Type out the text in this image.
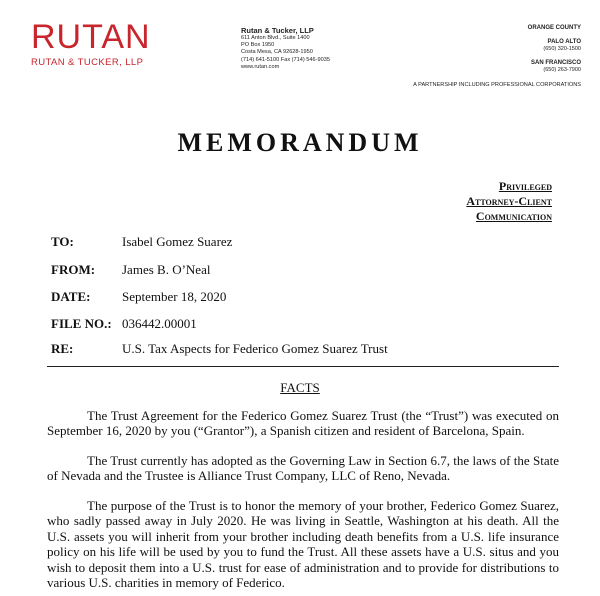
RUTAN
RUTAN & TUCKER, LLP
Rutan & Tucker, LLP
611 Anton Blvd., Suite 1400
PO Box 1950
Costa Mesa, CA 92628-1950
(714) 641-5100 Fax (714) 546-9035
www.rutan.com
ORANGE COUNTY
PALO ALTO
(650) 320-1500
SAN FRANCISCO
(650) 263-7900
A PARTNERSHIP INCLUDING PROFESSIONAL CORPORATIONS
MEMORANDUM
Privileged
Attorney-Client
Communication
TO:	Isabel Gomez Suarez
FROM: James B. O’Neal
DATE: September 18, 2020
FILE NO.: 036442.00001
RE:	U.S. Tax Aspects for Federico Gomez Suarez Trust
FACTS
The Trust Agreement for the Federico Gomez Suarez Trust (the “Trust”) was executed on September 16, 2020 by you (“Grantor”), a Spanish citizen and resident of Barcelona, Spain.
The Trust currently has adopted as the Governing Law in Section 6.7, the laws of the State of Nevada and the Trustee is Alliance Trust Company, LLC of Reno, Nevada.
The purpose of the Trust is to honor the memory of your brother, Federico Gomez Suarez, who sadly passed away in July 2020. He was living in Seattle, Washington at his death. All the U.S. assets you will inherit from your brother including death benefits from a U.S. life insurance policy on his life will be used by you to fund the Trust. All these assets have a U.S. situs and you wish to deposit them into a U.S. trust for ease of administration and to provide for distributions to various U.S. charities in memory of Federico.
